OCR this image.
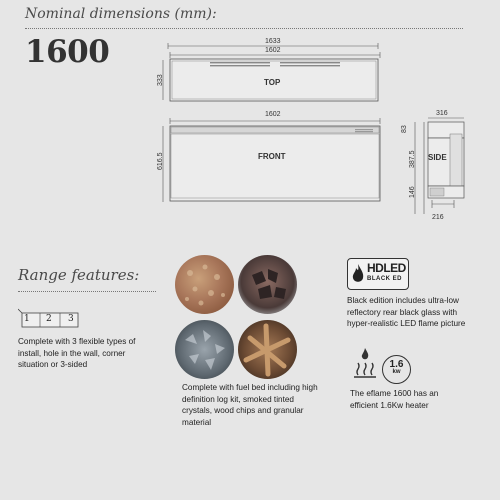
Nominal dimensions (mm):
1600	1633
1602
333	TOP
1602
616.5	FRONT
316
83
387.5
146
216
SIDE
Range features:
1 2 3
Complete with 3 flexible types of install, hole in the wall, corner situation or 3-sided
Complete with fuel bed including high definition log kit, smoked tinted crystals, wood chips and granular material
HDLED
BLACK ED
Black edition includes ultra-low reflectory rear black glass with hyper-realistic LED flame picture
1.6
kw
The eflame 1600 has an efficient 1.6Kw heater
